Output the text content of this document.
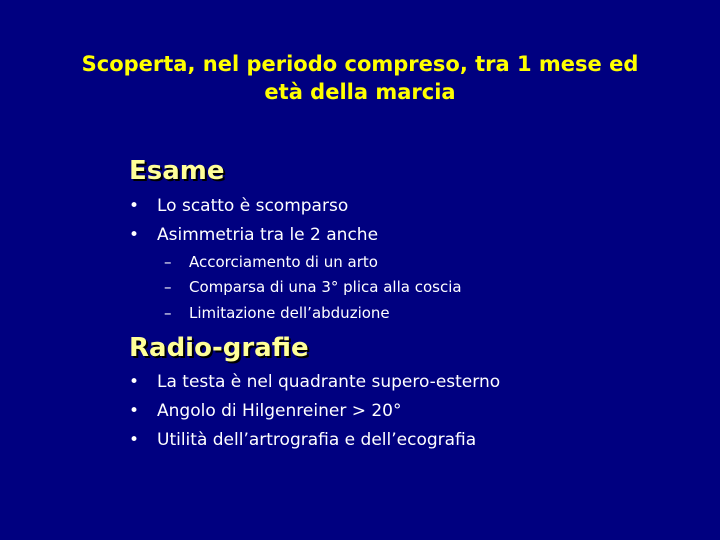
Scoperta, nel periodo compreso, tra 1 mese ed
età della marcia
Esame
• Lo scatto è scomparso
• Asimmetria tra le 2 anche
– Accorciamento di un arto
– Comparsa di una 3° plica alla coscia
– Limitazione dell’abduzione
Radio-grafie
• La testa è nel quadrante supero-esterno
• Angolo di Hilgenreiner > 20°
• Utilità dell’artrografia e dell’ecografia
